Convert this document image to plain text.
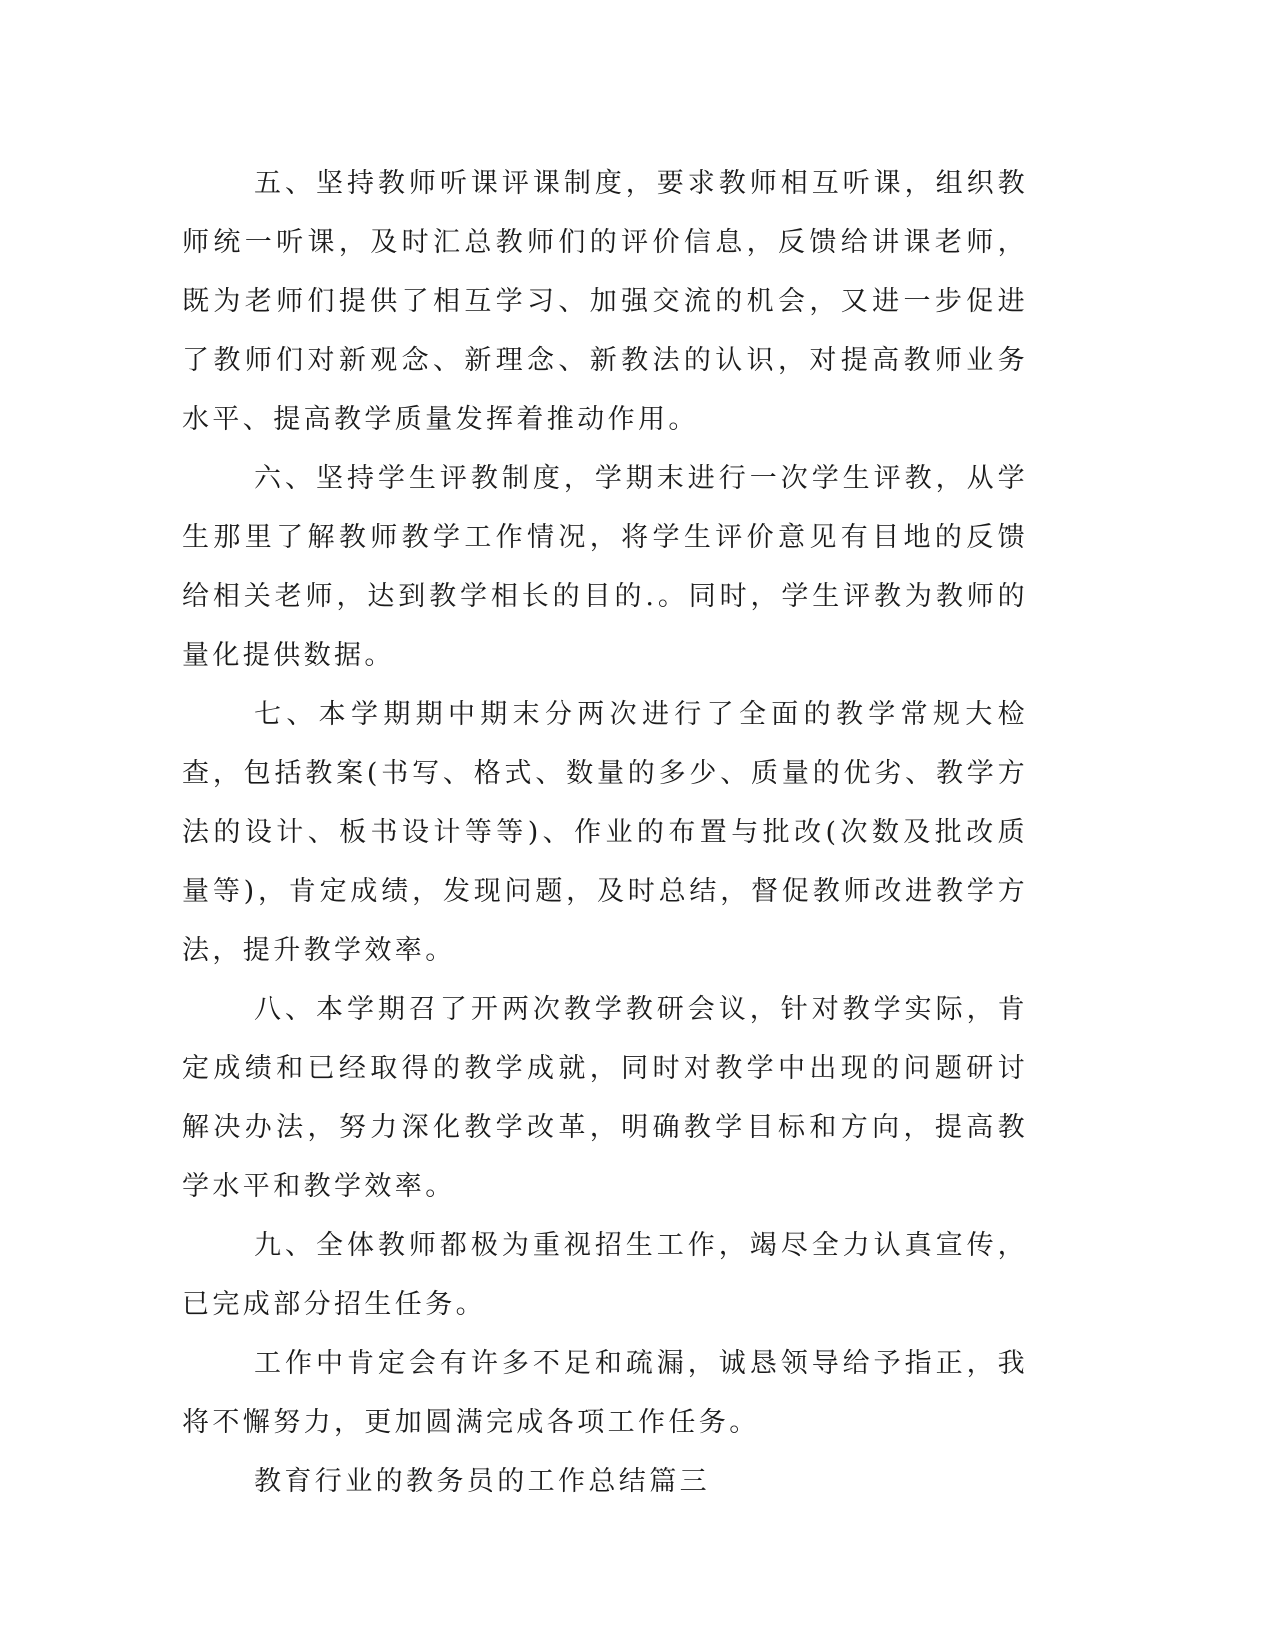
五、坚持教师听课评课制度，要求教师相互听课，组织教师统一听课，及时汇总教师们的评价信息，反馈给讲课老师，既为老师们提供了相互学习、加强交流的机会，又进一步促进了教师们对新观念、新理念、新教法的认识，对提高教师业务水平、提高教学质量发挥着推动作用。

六、坚持学生评教制度，学期末进行一次学生评教，从学生那里了解教师教学工作情况，将学生评价意见有目地的反馈给相关老师，达到教学相长的目的.。同时，学生评教为教师的量化提供数据。

七、本学期期中期末分两次进行了全面的教学常规大检查，包括教案(书写、格式、数量的多少、质量的优劣、教学方法的设计、板书设计等等)、作业的布置与批改(次数及批改质量等)，肯定成绩，发现问题，及时总结，督促教师改进教学方法，提升教学效率。

八、本学期召了开两次教学教研会议，针对教学实际，肯定成绩和已经取得的教学成就，同时对教学中出现的问题研讨解决办法，努力深化教学改革，明确教学目标和方向，提高教学水平和教学效率。

九、全体教师都极为重视招生工作，竭尽全力认真宣传，已完成部分招生任务。

工作中肯定会有许多不足和疏漏，诚恳领导给予指正，我将不懈努力，更加圆满完成各项工作任务。

教育行业的教务员的工作总结篇三
